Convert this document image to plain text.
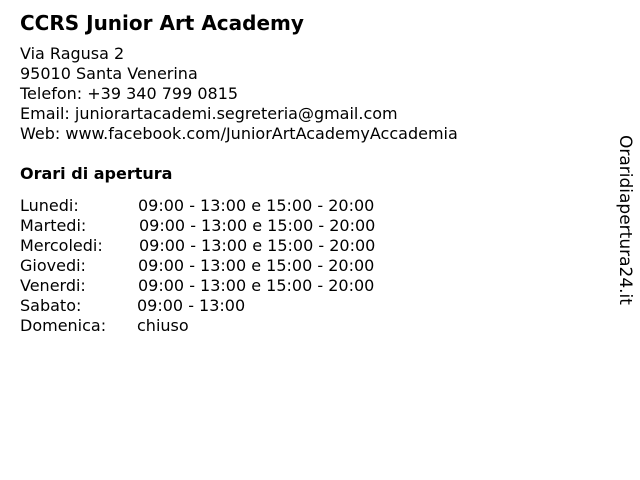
CCRS Junior Art Academy
Via Ragusa 2
95010 Santa Venerina
Telefon: +39 340 799 0815
Email: juniorartacademi.segreteria@gmail.com
Web: www.facebook.com/JuniorArtAcademyAccademia
Orari di apertura
Lunedi:	09:00 - 13:00 e 15:00 - 20:00
Martedi:	09:00 - 13:00 e 15:00 - 20:00
Mercoledi:	09:00 - 13:00 e 15:00 - 20:00
Giovedi:	09:00 - 13:00 e 15:00 - 20:00
Venerdi:	09:00 - 13:00 e 15:00 - 20:00
Sabato:	09:00 - 13:00
Domenica:	chiuso
Oraridiapertura24.it
